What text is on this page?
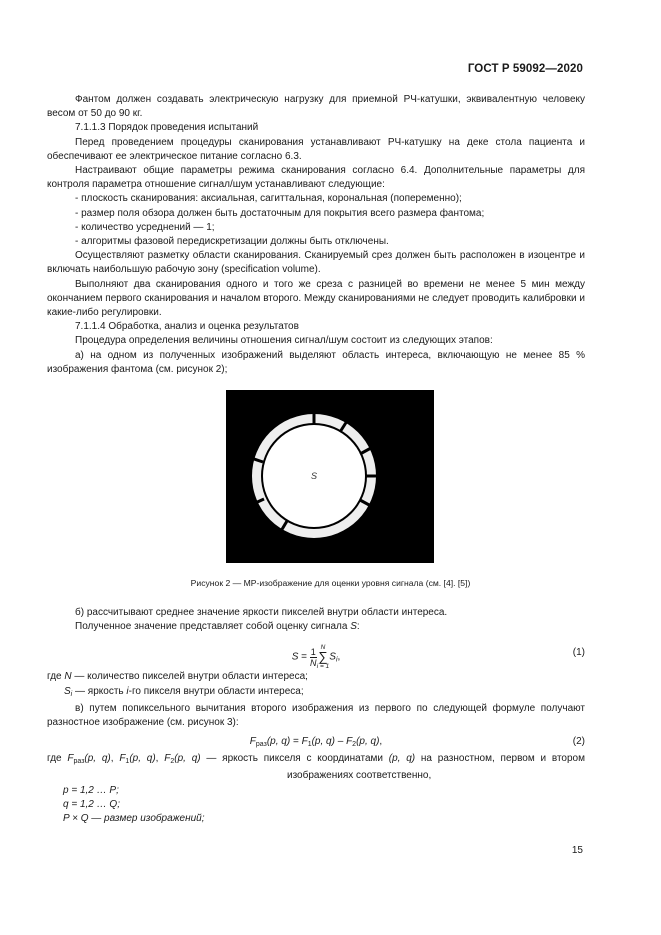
ГОСТ Р 59092—2020

Фантом должен создавать электрическую нагрузку для приемной РЧ-катушки, эквивалентную человеку весом от 50 до 90 кг.

7.1.1.3 Порядок проведения испытаний

Перед проведением процедуры сканирования устанавливают РЧ-катушку на деке стола пациента и обеспечивают ее электрическое питание согласно 6.3.

Настраивают общие параметры режима сканирования согласно 6.4. Дополнительные параметры для контроля параметра отношение сигнал/шум устанавливают следующие:

- плоскость сканирования: аксиальная, сагиттальная, корональная (попеременно);

- размер поля обзора должен быть достаточным для покрытия всего размера фантома;

- количество усреднений — 1;

- алгоритмы фазовой передискретизации должны быть отключены.

Осуществляют разметку области сканирования. Сканируемый срез должен быть расположен в изоцентре и включать наибольшую рабочую зону (specification volume).

Выполняют два сканирования одного и того же среза с разницей во времени не менее 5 мин между окончанием первого сканирования и началом второго. Между сканированиями не следует проводить калибровки и какие-либо регулировки.

7.1.1.4 Обработка, анализ и оценка результатов

Процедура определения величины отношения сигнал/шум состоит из следующих этапов:

а) на одном из полученных изображений выделяют область интереса, включающую не менее 85 % изображения фантома (см. рисунок 2);

S
Рисунок 2 — МР-изображение для оценки уровня сигнала (см. [4]. [5])

б) рассчитывают среднее значение яркости пикселей внутри области интереса.

Полученное значение представляет собой оценку сигнала S:

$S = \frac{1}{N}$ N
∑
$i = 1S_i$,	(1)

где N — количество пикселей внутри области интереса;

$S_i$ — яркость i-го пикселя внутри области интереса;

в) путем попиксельного вычитания второго изображения из первого по следующей формуле получают разностное изображение (см. рисунок 3):

$F_{раз}(p$, $q) = F_1(p$, $q) - F_2(p$, q),	(2)

где $F_{раз}(p$, q), $F_1(p$, q), $F_2(p$, q) — яркость пикселя с координатами (p, q) на разностном, первом и втором изображениях соответственно,

p = 1,2 … P;

q = 1,2 … Q;

P × Q — размер изображений;

15
